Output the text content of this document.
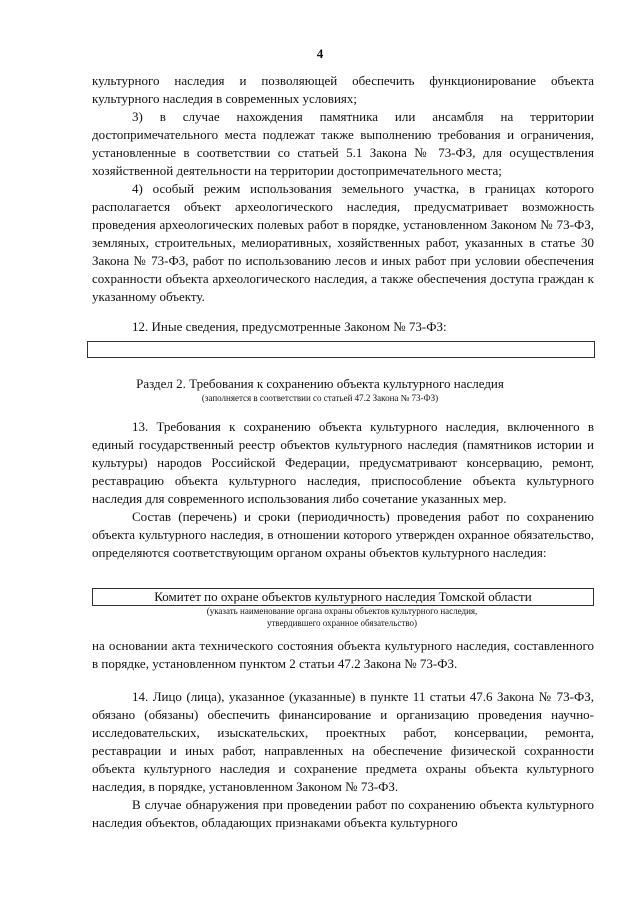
4

культурного наследия и позволяющей обеспечить функционирование объекта культурного наследия в современных условиях;

3) в случае нахождения памятника или ансамбля на территории достопримечательного места подлежат также выполнению требования и ограничения, установленные в соответствии со статьей 5.1 Закона № 73-ФЗ, для осуществления хозяйственной деятельности на территории достопримечательного места;

4) особый режим использования земельного участка, в границах которого располагается объект археологического наследия, предусматривает возможность проведения археологических полевых работ в порядке, установленном Законом № 73-ФЗ, земляных, строительных, мелиоративных, хозяйственных работ, указанных в статье 30 Закона № 73-ФЗ, работ по использованию лесов и иных работ при условии обеспечения сохранности объекта археологического наследия, а также обеспечения доступа граждан к указанному объекту.

12. Иные сведения, предусмотренные Законом № 73-ФЗ:

Раздел 2. Требования к сохранению объекта культурного наследия
(заполняется в соответствии со статьей 47.2 Закона № 73-ФЗ)

13. Требования к сохранению объекта культурного наследия, включенного в единый государственный реестр объектов культурного наследия (памятников истории и культуры) народов Российской Федерации, предусматривают консервацию, ремонт, реставрацию объекта культурного наследия, приспособление объекта культурного наследия для современного использования либо сочетание указанных мер.

Состав (перечень) и сроки (периодичность) проведения работ по сохранению объекта культурного наследия, в отношении которого утвержден охранное обязательство, определяются соответствующим органом охраны объектов культурного наследия:

Комитет по охране объектов культурного наследия Томской области
(указать наименование органа охраны объектов культурного наследия,
утвердившего охранное обязательство)

на основании акта технического состояния объекта культурного наследия, составленного в порядке, установленном пунктом 2 статьи 47.2 Закона № 73-ФЗ.

14. Лицо (лица), указанное (указанные) в пункте 11 статьи 47.6 Закона № 73-ФЗ, обязано (обязаны) обеспечить финансирование и организацию проведения научно-исследовательских, изыскательских, проектных работ, консервации, ремонта, реставрации и иных работ, направленных на обеспечение физической сохранности объекта культурного наследия и сохранение предмета охраны объекта культурного наследия, в порядке, установленном Законом № 73-ФЗ.

В случае обнаружения при проведении работ по сохранению объекта культурного наследия объектов, обладающих признаками объекта культурного
